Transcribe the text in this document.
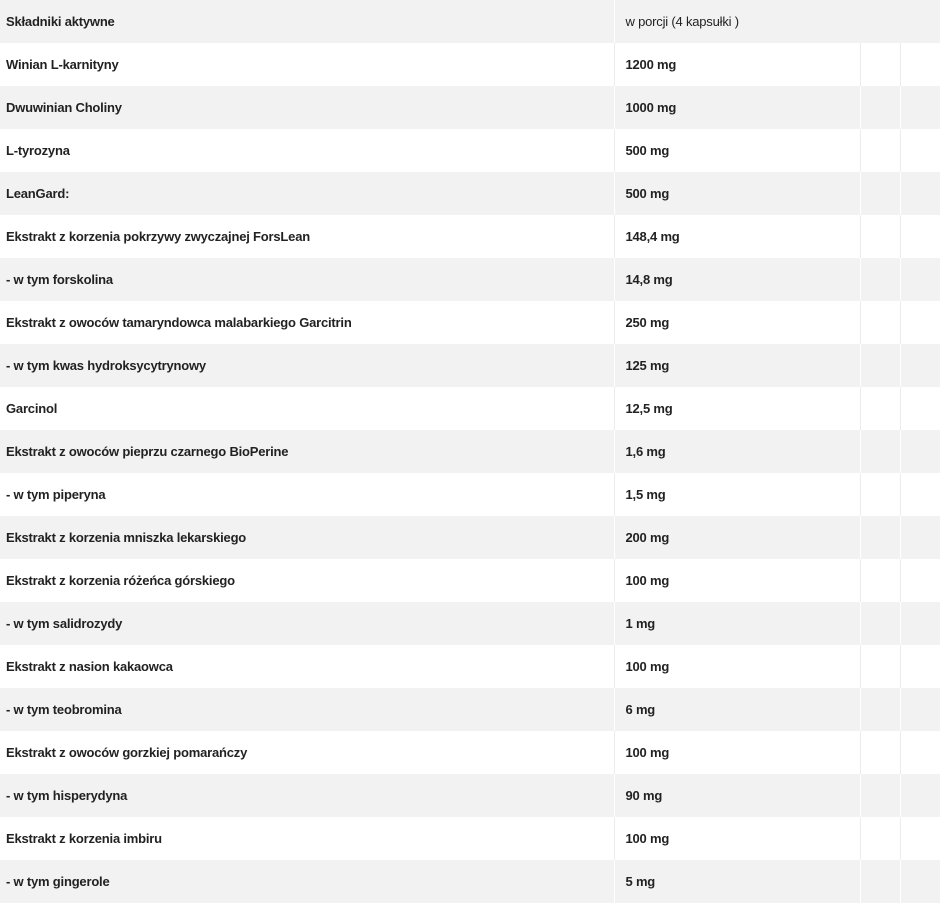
Składniki aktywne	w porcji (4 kapsułki )		
Winian L-karnityny	1200 mg		
Dwuwinian Choliny	1000 mg		
L-tyrozyna	500 mg		
LeanGard:	500 mg		
Ekstrakt z korzenia pokrzywy zwyczajnej ForsLean	148,4 mg		
- w tym forskolina	14,8 mg		
Ekstrakt z owoców tamaryndowca malabarkiego Garcitrin	250 mg		
- w tym kwas hydroksycytrynowy	125 mg		
Garcinol	12,5 mg		
Ekstrakt z owoców pieprzu czarnego BioPerine	1,6 mg		
- w tym piperyna	1,5 mg		
Ekstrakt z korzenia mniszka lekarskiego	200 mg		
Ekstrakt z korzenia różeńca górskiego	100 mg		
- w tym salidrozydy	1 mg		
Ekstrakt z nasion kakaowca	100 mg		
- w tym teobromina	6 mg		
Ekstrakt z owoców gorzkiej pomarańczy	100 mg		
- w tym hisperydyna	90 mg		
Ekstrakt z korzenia imbiru	100 mg		
- w tym gingerole	5 mg		
